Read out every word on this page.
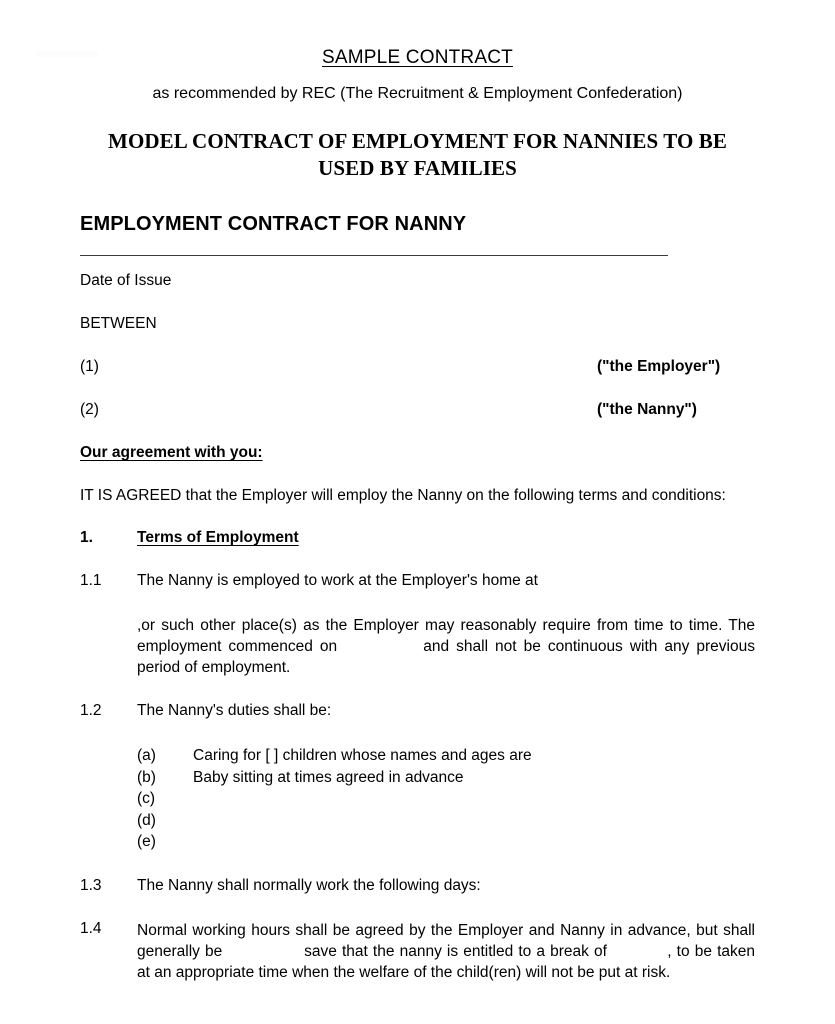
SAMPLE CONTRACT
as recommended by REC (The Recruitment & Employment Confederation)
MODEL CONTRACT OF EMPLOYMENT FOR NANNIES TO BE
USED BY FAMILIES
EMPLOYMENT CONTRACT FOR NANNY
Date of Issue
BETWEEN
(1)	("the Employer")
(2)	("the Nanny")
Our agreement with you:
IT IS AGREED that the Employer will employ the Nanny on the following terms and conditions:
1.	Terms of Employment
1.1	The Nanny is employed to work at the Employer's home at
,or such other place(s) as the Employer may reasonably require from time to time. The employment commenced on	and shall not be continuous with any previous period of employment.
1.2	The Nanny's duties shall be:
(a) Caring for [ ] children whose names and ages are
(b) Baby sitting at times agreed in advance
(c)
(d)
(e)
1.3	The Nanny shall normally work the following days:
1.4	Normal working hours shall be agreed by the Employer and Nanny in advance, but shall generally be	save that the nanny is entitled to a break of	, to be taken at an appropriate time when the welfare of the child(ren) will not be put at risk.
